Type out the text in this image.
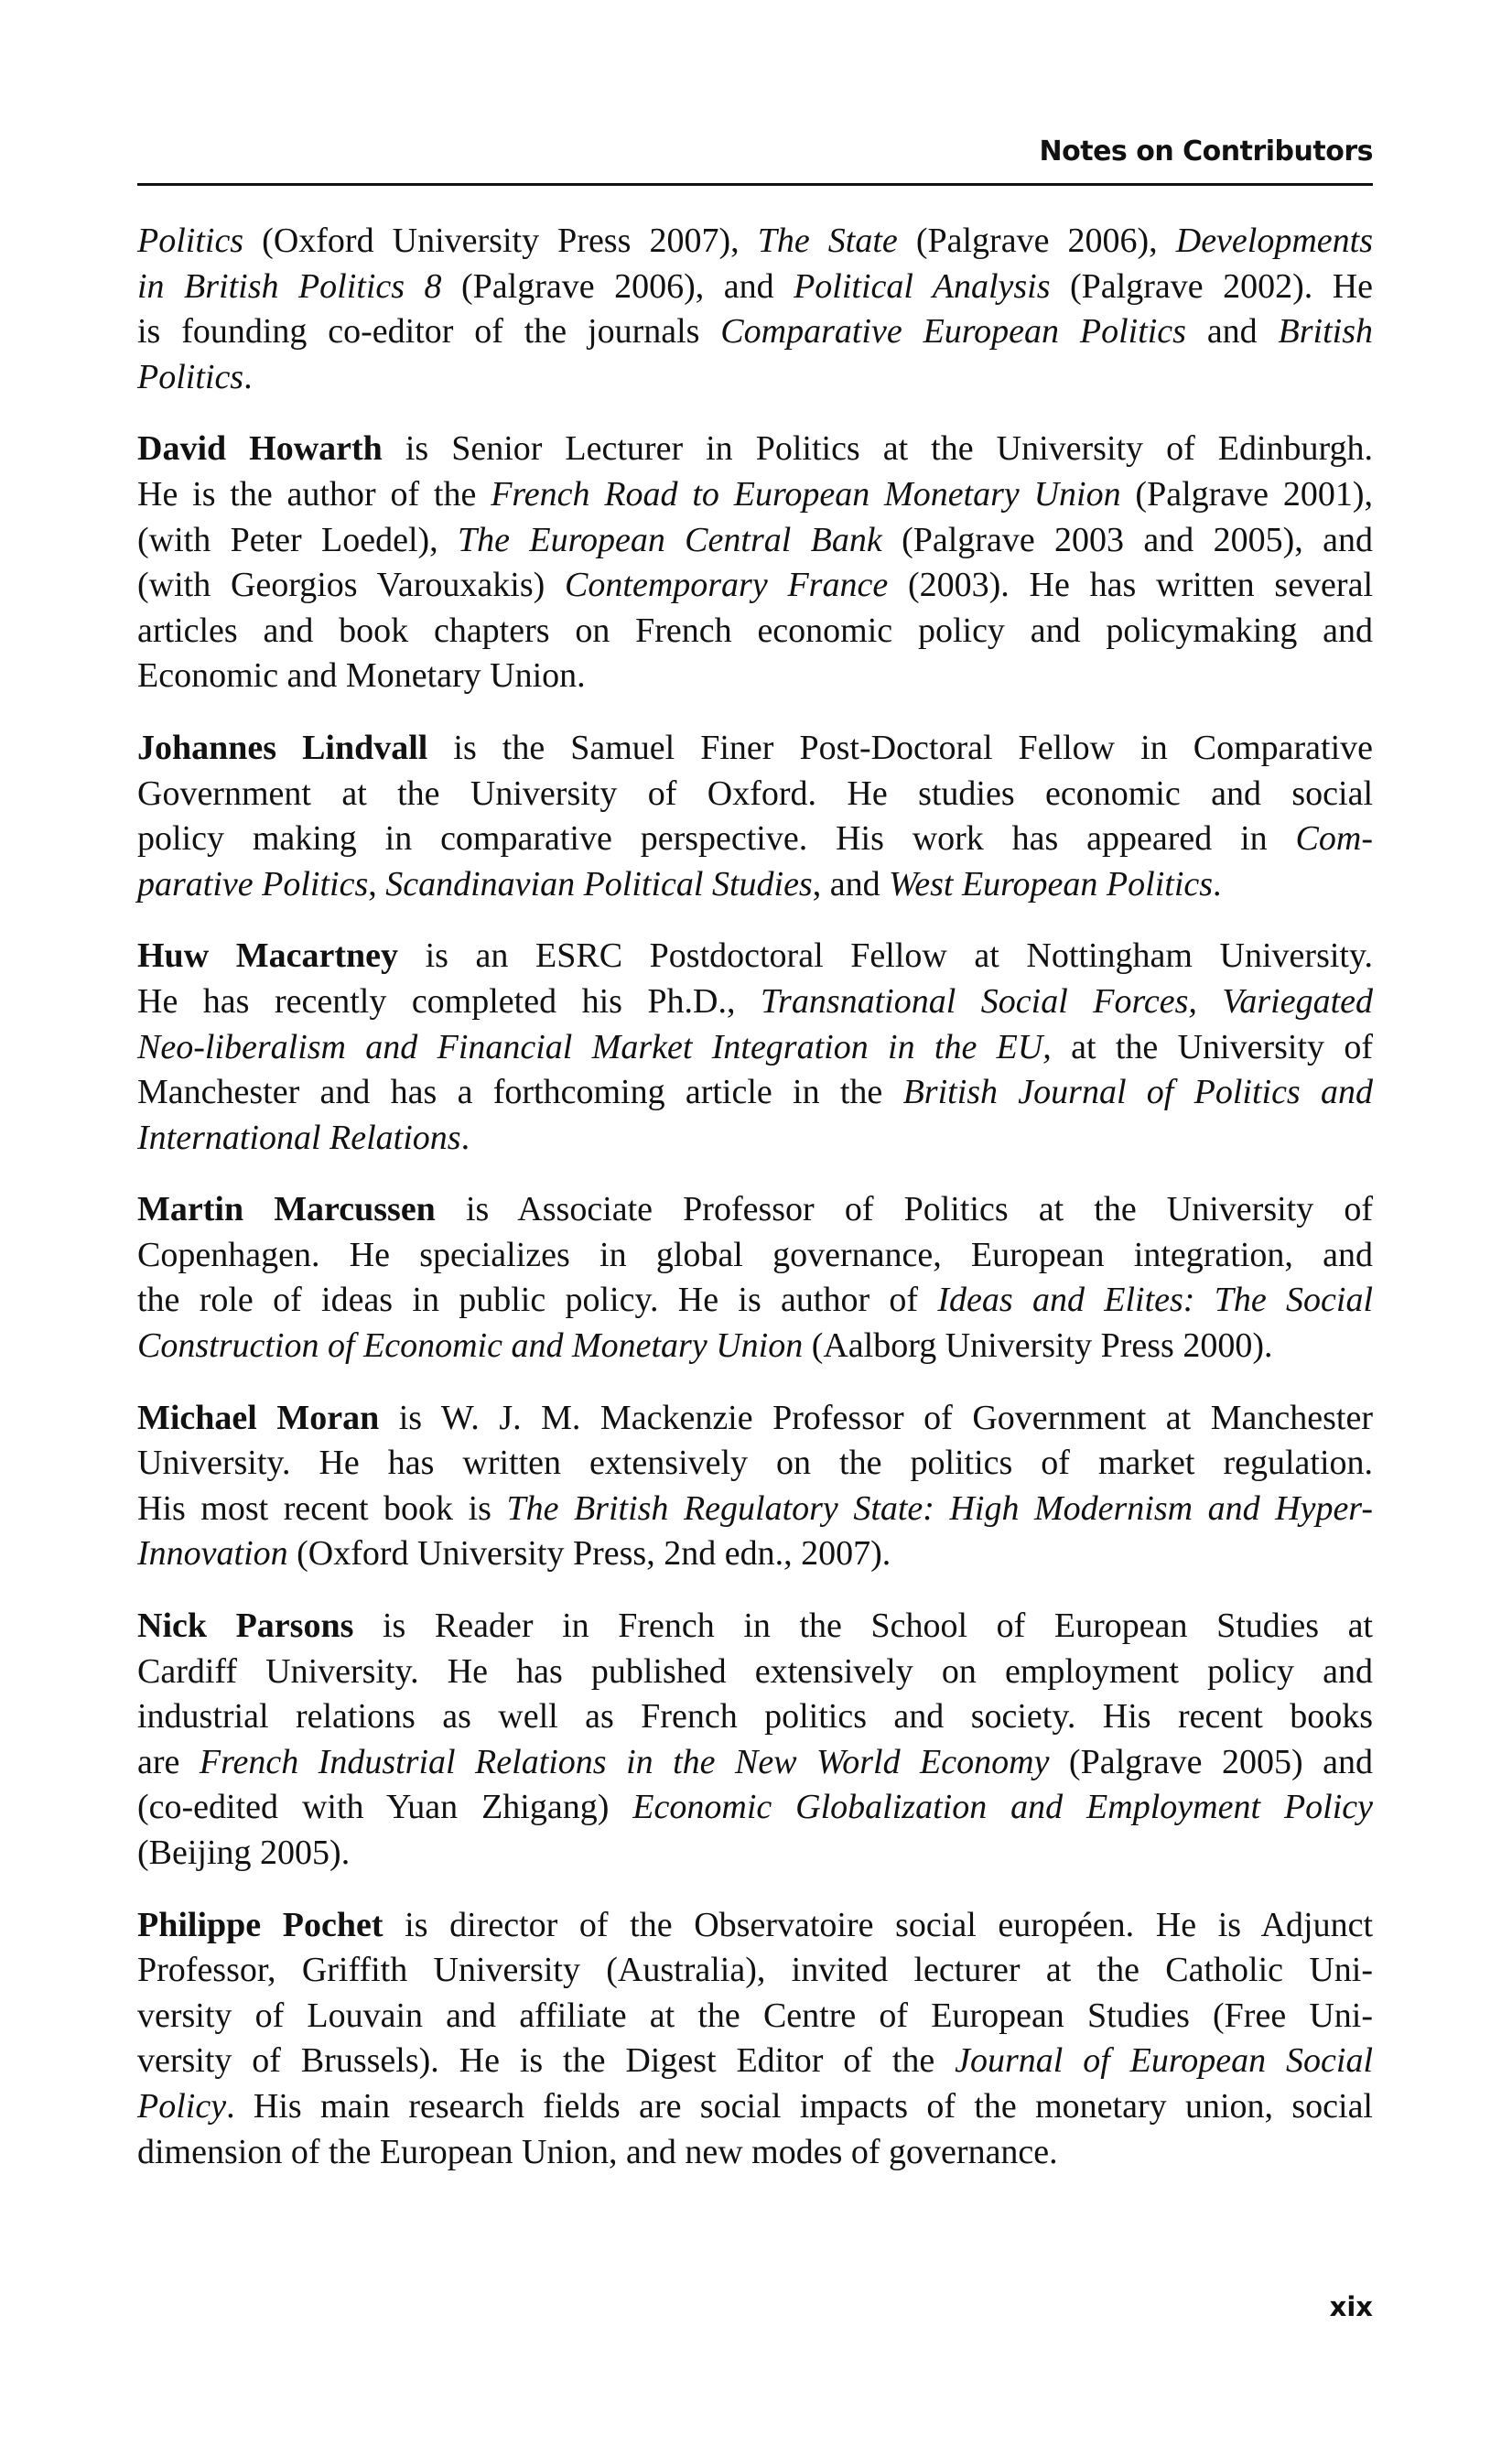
Notes on Contributors
Politics (Oxford University Press 2007), The State (Palgrave 2006), Developments
in British Politics 8 (Palgrave 2006), and Political Analysis (Palgrave 2002). He
is founding co-editor of the journals Comparative European Politics and British
Politics.
David Howarth is Senior Lecturer in Politics at the University of Edinburgh.
He is the author of the French Road to European Monetary Union (Palgrave 2001),
(with Peter Loedel), The European Central Bank (Palgrave 2003 and 2005), and
(with Georgios Varouxakis) Contemporary France (2003). He has written several
articles and book chapters on French economic policy and policymaking and
Economic and Monetary Union.
Johannes Lindvall is the Samuel Finer Post-Doctoral Fellow in Comparative
Government at the University of Oxford. He studies economic and social
policy making in comparative perspective. His work has appeared in Com-
parative Politics, Scandinavian Political Studies, and West European Politics.
Huw Macartney is an ESRC Postdoctoral Fellow at Nottingham University.
He has recently completed his Ph.D., Transnational Social Forces, Variegated
Neo-liberalism and Financial Market Integration in the EU, at the University of
Manchester and has a forthcoming article in the British Journal of Politics and
International Relations.
Martin Marcussen is Associate Professor of Politics at the University of
Copenhagen. He specializes in global governance, European integration, and
the role of ideas in public policy. He is author of Ideas and Elites: The Social
Construction of Economic and Monetary Union (Aalborg University Press 2000).
Michael Moran is W. J. M. Mackenzie Professor of Government at Manchester
University. He has written extensively on the politics of market regulation.
His most recent book is The British Regulatory State: High Modernism and Hyper-
Innovation (Oxford University Press, 2nd edn., 2007).
Nick Parsons is Reader in French in the School of European Studies at
Cardiff University. He has published extensively on employment policy and
industrial relations as well as French politics and society. His recent books
are French Industrial Relations in the New World Economy (Palgrave 2005) and
(co-edited with Yuan Zhigang) Economic Globalization and Employment Policy
(Beijing 2005).
Philippe Pochet is director of the Observatoire social européen. He is Adjunct
Professor, Griffith University (Australia), invited lecturer at the Catholic Uni-
versity of Louvain and affiliate at the Centre of European Studies (Free Uni-
versity of Brussels). He is the Digest Editor of the Journal of European Social
Policy. His main research fields are social impacts of the monetary union, social
dimension of the European Union, and new modes of governance.
xix
